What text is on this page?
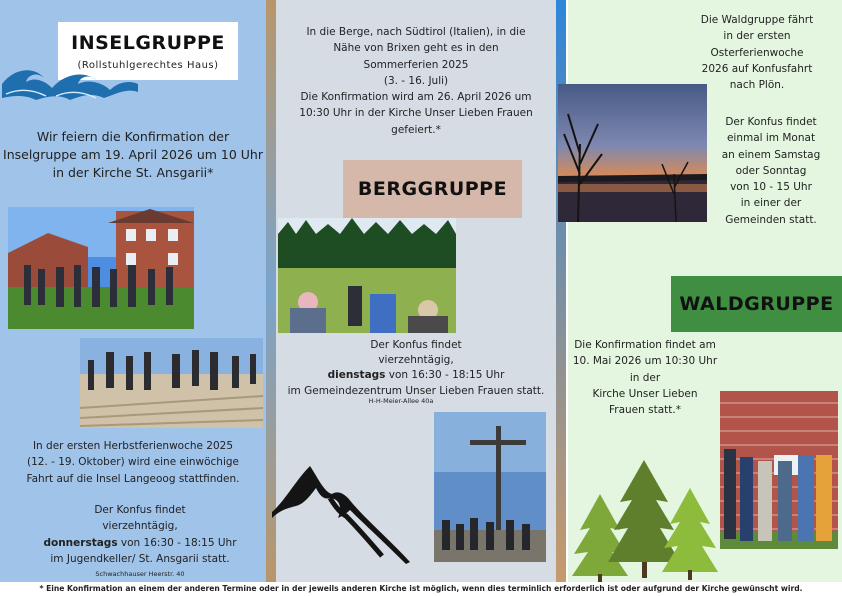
INSELGRUPPE
(Rollstuhlgerechtes Haus)
Wir feiern die Konfirmation der
Inselgruppe am 19. April 2026 um 10 Uhr
in der Kirche St. Ansgarii*
In der ersten Herbstferienwoche 2025
(12. - 19. Oktober) wird eine einwöchige
Fahrt auf die Insel Langeoog stattfinden.
Der Konfus findet
vierzehntägig,
donnerstags von 16:30 - 18:15 Uhr
im Jugendkeller/ St. Ansgarii statt.
Schwachhauser Heerstr. 40
In die Berge, nach Südtirol (Italien), in die
Nähe von Brixen geht es in den
Sommerferien 2025
(3. - 16. Juli)
Die Konfirmation wird am 26. April 2026 um
10:30 Uhr in der Kirche Unser Lieben Frauen
gefeiert.*
BERGGRUPPE
Der Konfus findet
vierzehntägig,
dienstags von 16:30 - 18:15 Uhr
im Gemeindezentrum Unser Lieben Frauen statt.
H-H-Meier-Allee 40a
Die Waldgruppe fährt
in der ersten
Osterferienwoche
2026 auf Konfusfahrt
nach Plön.
Der Konfus findet
einmal im Monat
an einem Samstag
oder Sonntag
von 10 - 15 Uhr
in einer der
Gemeinden statt.
WALDGRUPPE
Die Konfirmation findet am
10. Mai 2026 um 10:30 Uhr
in der
Kirche Unser Lieben
Frauen statt.*
* Eine Konfirmation an einem der anderen Termine oder in der jeweils anderen Kirche ist möglich, wenn dies terminlich erforderlich ist oder aufgrund der Kirche gewünscht wird.
